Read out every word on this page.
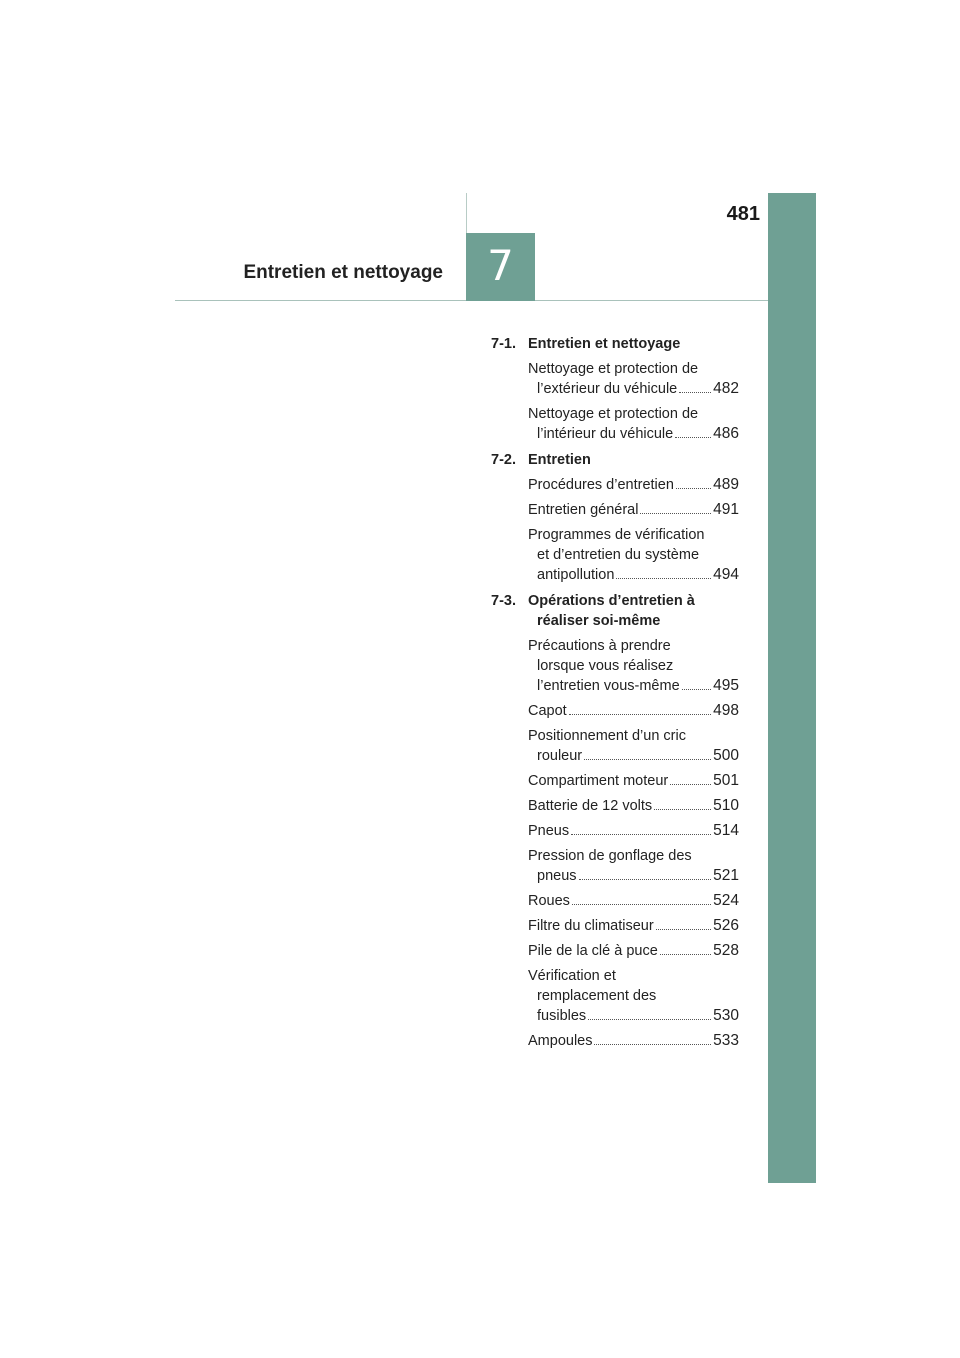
481
Entretien et nettoyage	7
7-1. Entretien et nettoyage
Nettoyage et protection de
l’extérieur du véhicule 482
Nettoyage et protection de
l’intérieur du véhicule	486
7-2. Entretien
Procédures d’entretien	489
Entretien général	491
Programmes de vérification
et d’entretien du système
antipollution	494
7-3. Opérations d’entretien à
réaliser soi-même
Précautions à prendre
lorsque vous réalisez
l’entretien vous-même 495
Capot	498
Positionnement d’un cric
rouleur	500
Compartiment moteur	501
Batterie de 12 volts	510
Pneus	514
Pression de gonflage des
pneus	521
Roues	524
Filtre du climatiseur	526
Pile de la clé à puce	528
Vérification et
remplacement des
fusibles	530
Ampoules	533
